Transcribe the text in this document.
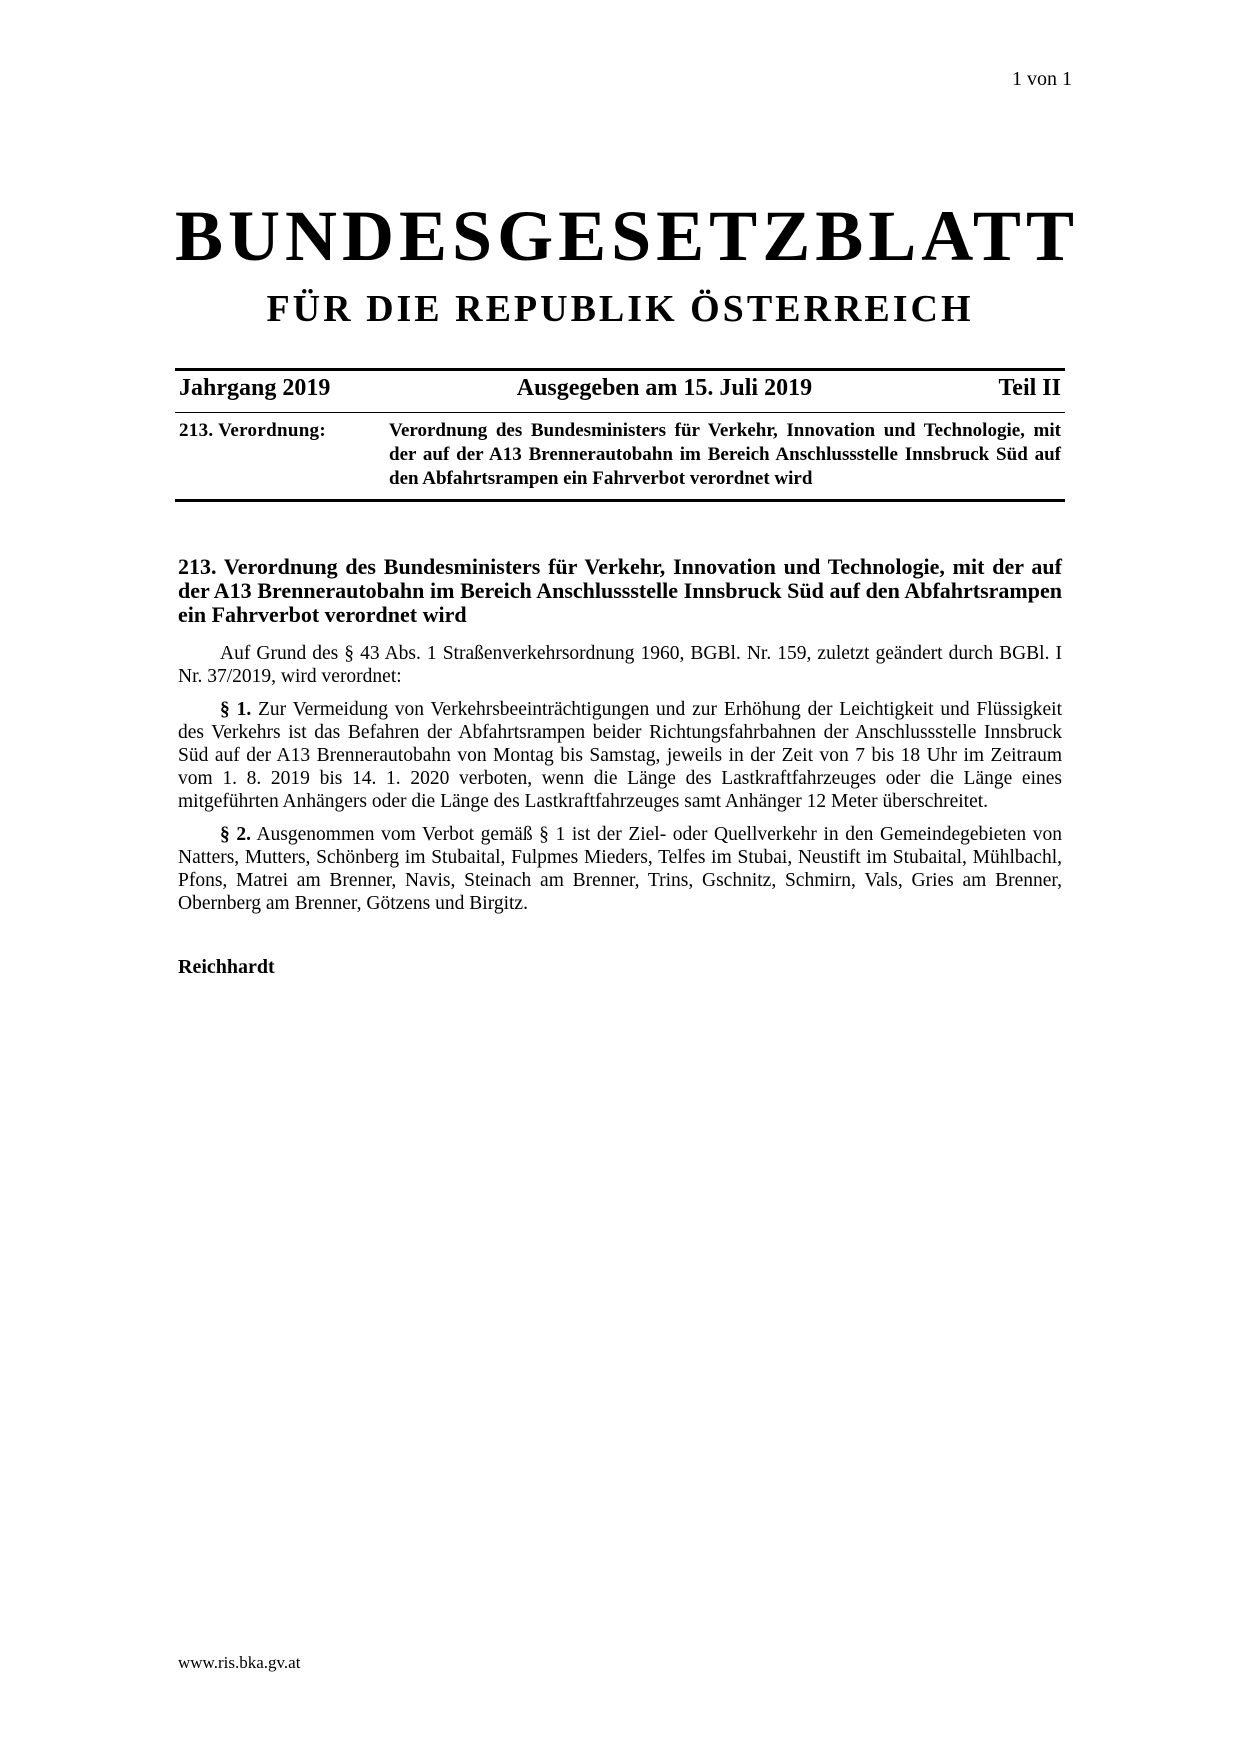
1 von 1
BUNDESGESETZBLATT
FÜR DIE REPUBLIK ÖSTERREICH
Jahrgang 2019	Ausgegeben am 15. Juli 2019	Teil II
213. Verordnung:	Verordnung des Bundesministers für Verkehr, Innovation und Technologie, mit der auf der A13 Brennerautobahn im Bereich Anschlussstelle Innsbruck Süd auf den Abfahrtsrampen ein Fahrverbot verordnet wird
213. Verordnung des Bundesministers für Verkehr, Innovation und Technologie, mit der auf der A13 Brennerautobahn im Bereich Anschlussstelle Innsbruck Süd auf den Abfahrtsrampen ein Fahrverbot verordnet wird

Auf Grund des § 43 Abs. 1 Straßenverkehrsordnung 1960, BGBl. Nr. 159, zuletzt geändert durch BGBl. I Nr. 37/2019, wird verordnet:

§ 1. Zur Vermeidung von Verkehrsbeeinträchtigungen und zur Erhöhung der Leichtigkeit und Flüssigkeit des Verkehrs ist das Befahren der Abfahrtsrampen beider Richtungsfahrbahnen der Anschlussstelle Innsbruck Süd auf der A13 Brennerautobahn von Montag bis Samstag, jeweils in der Zeit von 7 bis 18 Uhr im Zeitraum vom 1. 8. 2019 bis 14. 1. 2020 verboten, wenn die Länge des Lastkraftfahrzeuges oder die Länge eines mitgeführten Anhängers oder die Länge des Lastkraftfahrzeuges samt Anhänger 12 Meter überschreitet.

§ 2. Ausgenommen vom Verbot gemäß § 1 ist der Ziel- oder Quellverkehr in den Gemeindegebieten von Natters, Mutters, Schönberg im Stubaital, Fulpmes Mieders, Telfes im Stubai, Neustift im Stubaital, Mühlbachl, Pfons, Matrei am Brenner, Navis, Steinach am Brenner, Trins, Gschnitz, Schmirn, Vals, Gries am Brenner, Obernberg am Brenner, Götzens und Birgitz.

Reichhardt
www.ris.bka.gv.at
